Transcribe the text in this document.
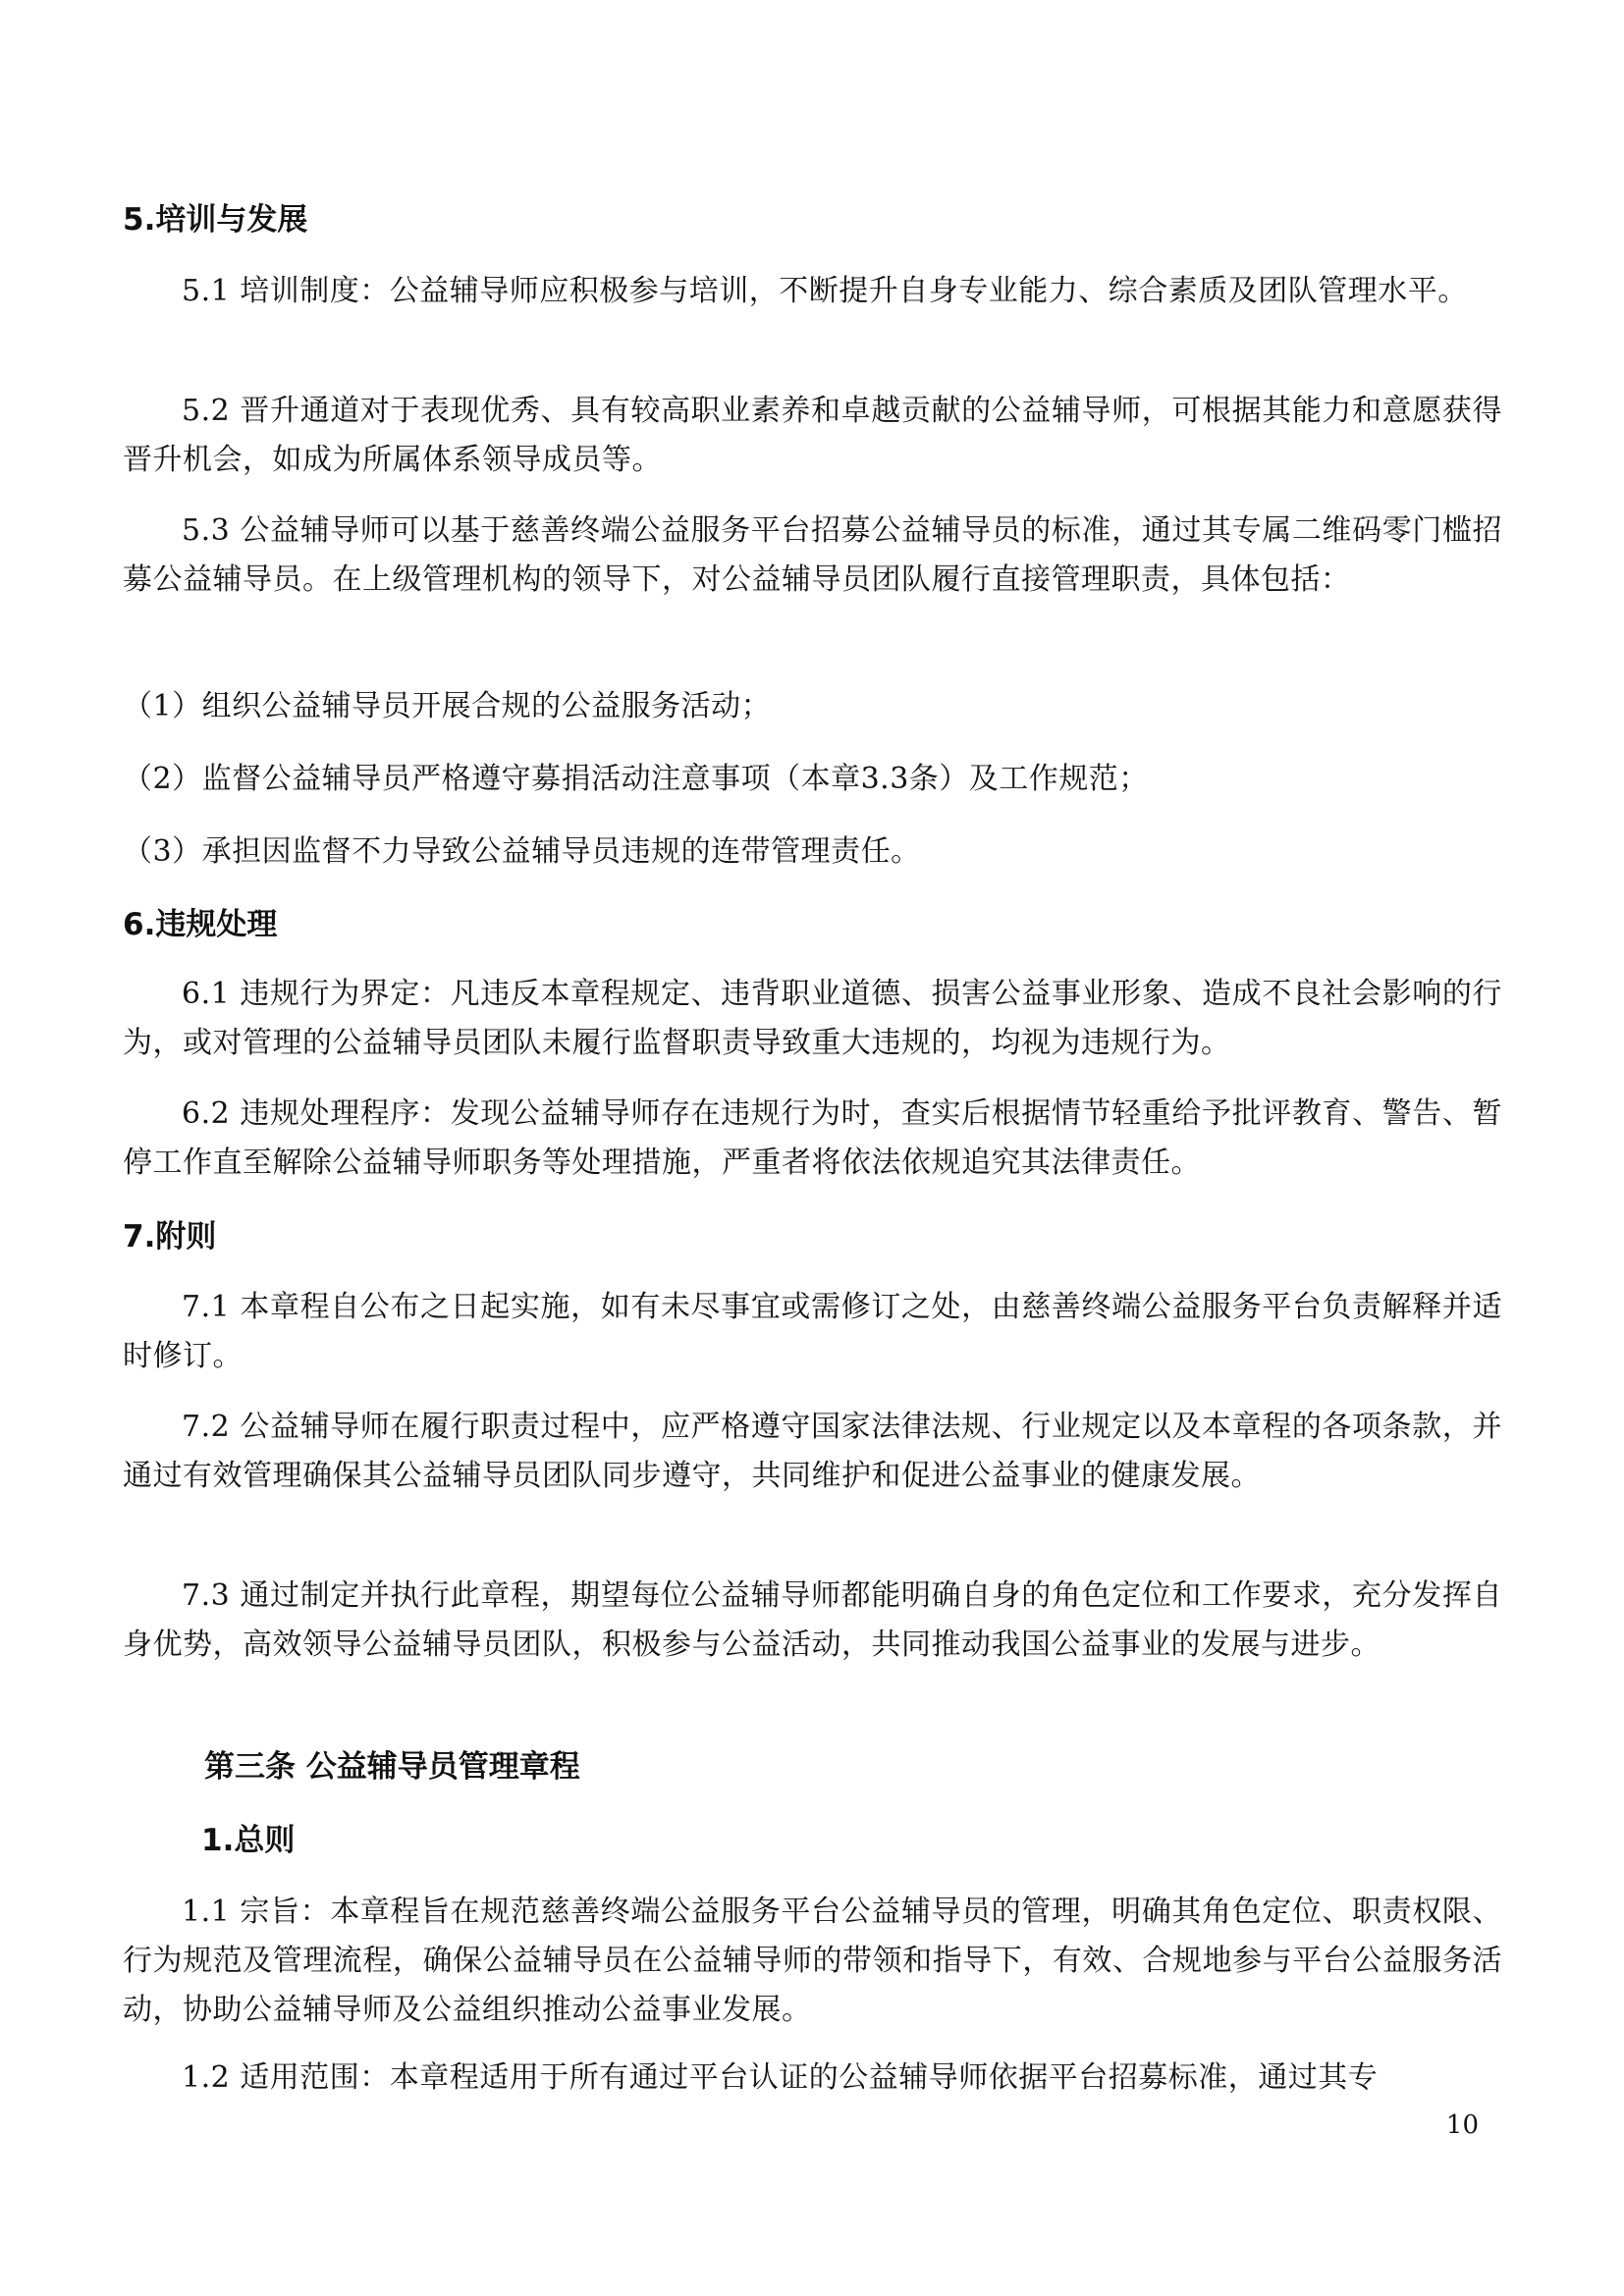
5.培训与发展

5.1 培训制度：公益辅导师应积极参与培训，不断提升自身专业能力、综合素质及团队管理水平。

5.2 晋升通道对于表现优秀、具有较高职业素养和卓越贡献的公益辅导师，可根据其能力和意愿获得晋升机会，如成为所属体系领导成员等。

5.3 公益辅导师可以基于慈善终端公益服务平台招募公益辅导员的标准，通过其专属二维码零门槛招募公益辅导员。在上级管理机构的领导下，对公益辅导员团队履行直接管理职责，具体包括：

（1）组织公益辅导员开展合规的公益服务活动；
（2）监督公益辅导员严格遵守募捐活动注意事项（本章3.3条）及工作规范；
（3）承担因监督不力导致公益辅导员违规的连带管理责任。
6.违规处理

6.1 违规行为界定：凡违反本章程规定、违背职业道德、损害公益事业形象、造成不良社会影响的行为，或对管理的公益辅导员团队未履行监督职责导致重大违规的，均视为违规行为。

6.2 违规处理程序：发现公益辅导师存在违规行为时，查实后根据情节轻重给予批评教育、警告、暂停工作直至解除公益辅导师职务等处理措施，严重者将依法依规追究其法律责任。

7.附则

7.1 本章程自公布之日起实施，如有未尽事宜或需修订之处，由慈善终端公益服务平台负责解释并适时修订。

7.2 公益辅导师在履行职责过程中，应严格遵守国家法律法规、行业规定以及本章程的各项条款，并通过有效管理确保其公益辅导员团队同步遵守，共同维护和促进公益事业的健康发展。

7.3 通过制定并执行此章程，期望每位公益辅导师都能明确自身的角色定位和工作要求，充分发挥自身优势，高效领导公益辅导员团队，积极参与公益活动，共同推动我国公益事业的发展与进步。

第三条 公益辅导员管理章程
1.总则

1.1 宗旨：本章程旨在规范慈善终端公益服务平台公益辅导员的管理，明确其角色定位、职责权限、行为规范及管理流程，确保公益辅导员在公益辅导师的带领和指导下，有效、合规地参与平台公益服务活动，协助公益辅导师及公益组织推动公益事业发展。

1.2 适用范围：本章程适用于所有通过平台认证的公益辅导师依据平台招募标准，通过其专

10
